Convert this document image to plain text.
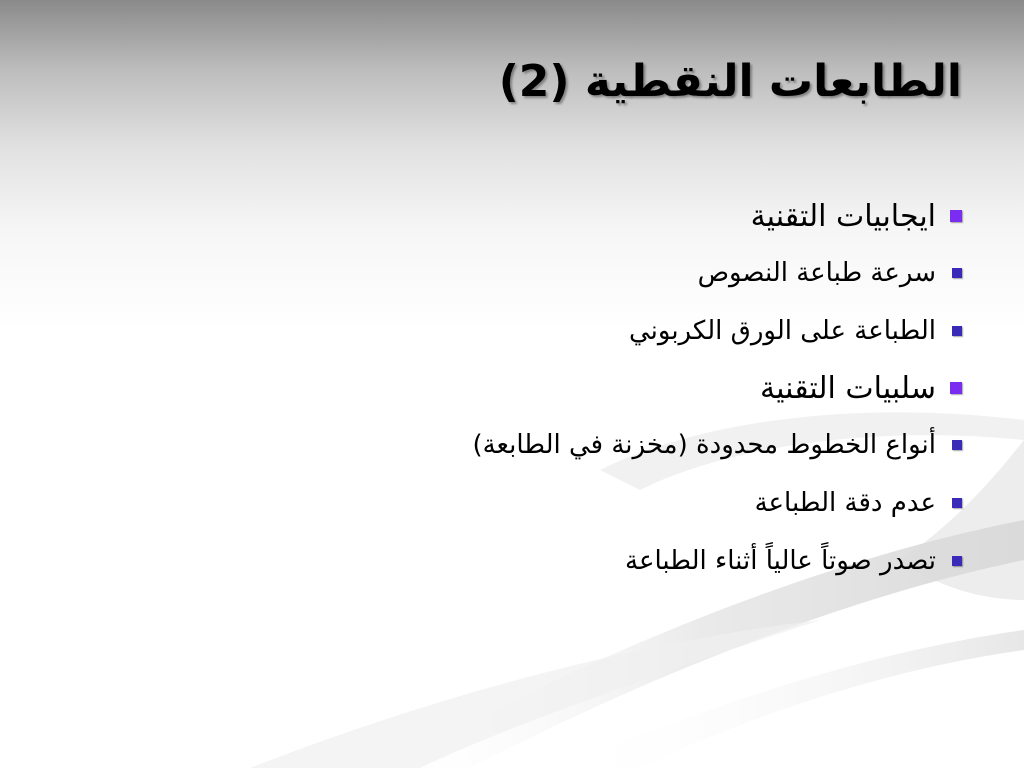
الطابعات النقطية (2)
ايجابيات التقنية
سرعة طباعة النصوص
الطباعة على الورق الكربوني
سلبيات التقنية
أنواع الخطوط محدودة (مخزنة في الطابعة)
عدم دقة الطباعة
تصدر صوتاً عالياً أثناء الطباعة
